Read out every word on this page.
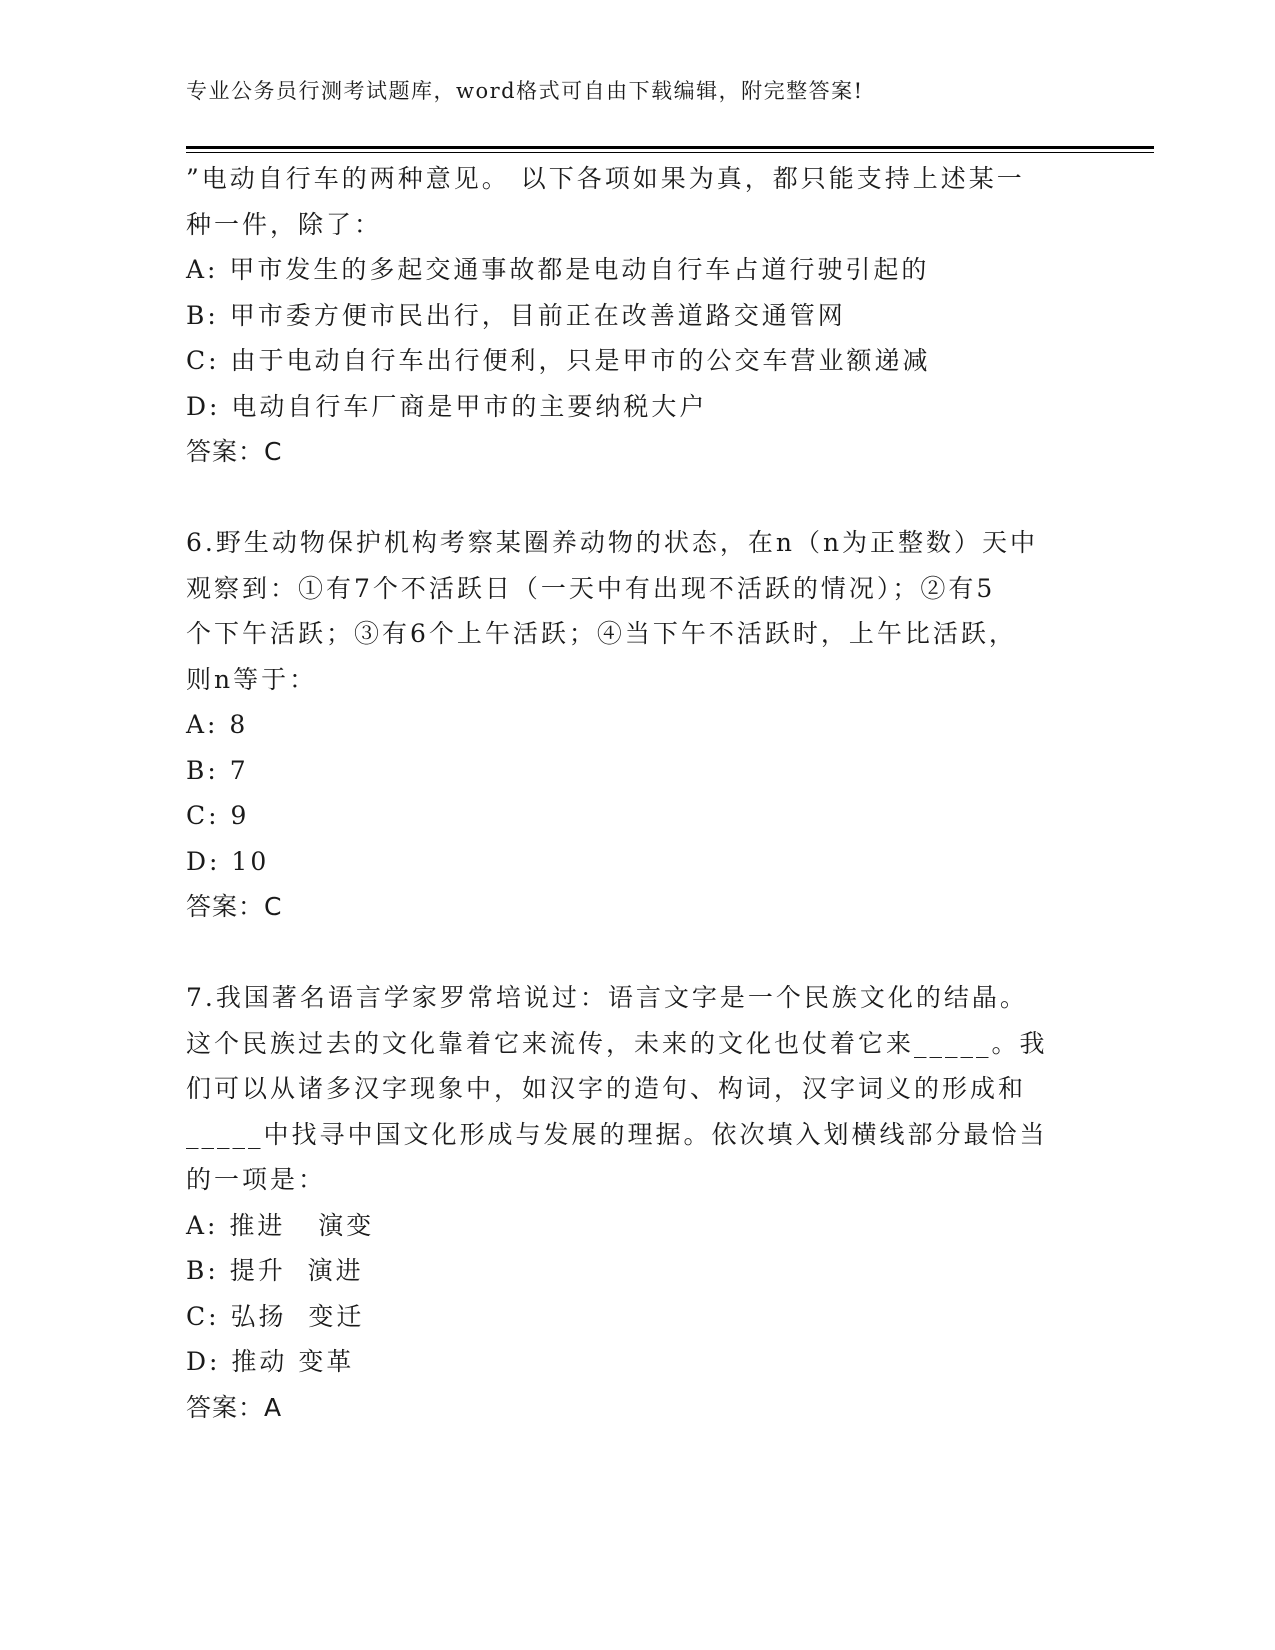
专业公务员行测考试题库，word格式可自由下载编辑，附完整答案!
”电动自行车的两种意见。 以下各项如果为真，都只能支持上述某一
种一件，除了：
A: 甲市发生的多起交通事故都是电动自行车占道行驶引起的
B: 甲市委方便市民出行，目前正在改善道路交通管网
C: 由于电动自行车出行便利，只是甲市的公交车营业额递减
D: 电动自行车厂商是甲市的主要纳税大户
答案：C
6.野生动物保护机构考察某圈养动物的状态，在n（n为正整数）天中
观察到：①有7个不活跃日（一天中有出现不活跃的情况）；②有5
个下午活跃；③有6个上午活跃；④当下午不活跃时，上午比活跃，
则n等于：
A: 8
B: 7
C: 9
D: 10
答案：C
7.我国著名语言学家罗常培说过：语言文字是一个民族文化的结晶。
这个民族过去的文化靠着它来流传，未来的文化也仗着它来_____。我
们可以从诸多汉字现象中，如汉字的造句、构词，汉字词义的形成和
_____中找寻中国文化形成与发展的理据。依次填入划横线部分最恰当
的一项是：
A: 推进   演变
B: 提升  演进
C: 弘扬  变迁
D: 推动 变革
答案：A
